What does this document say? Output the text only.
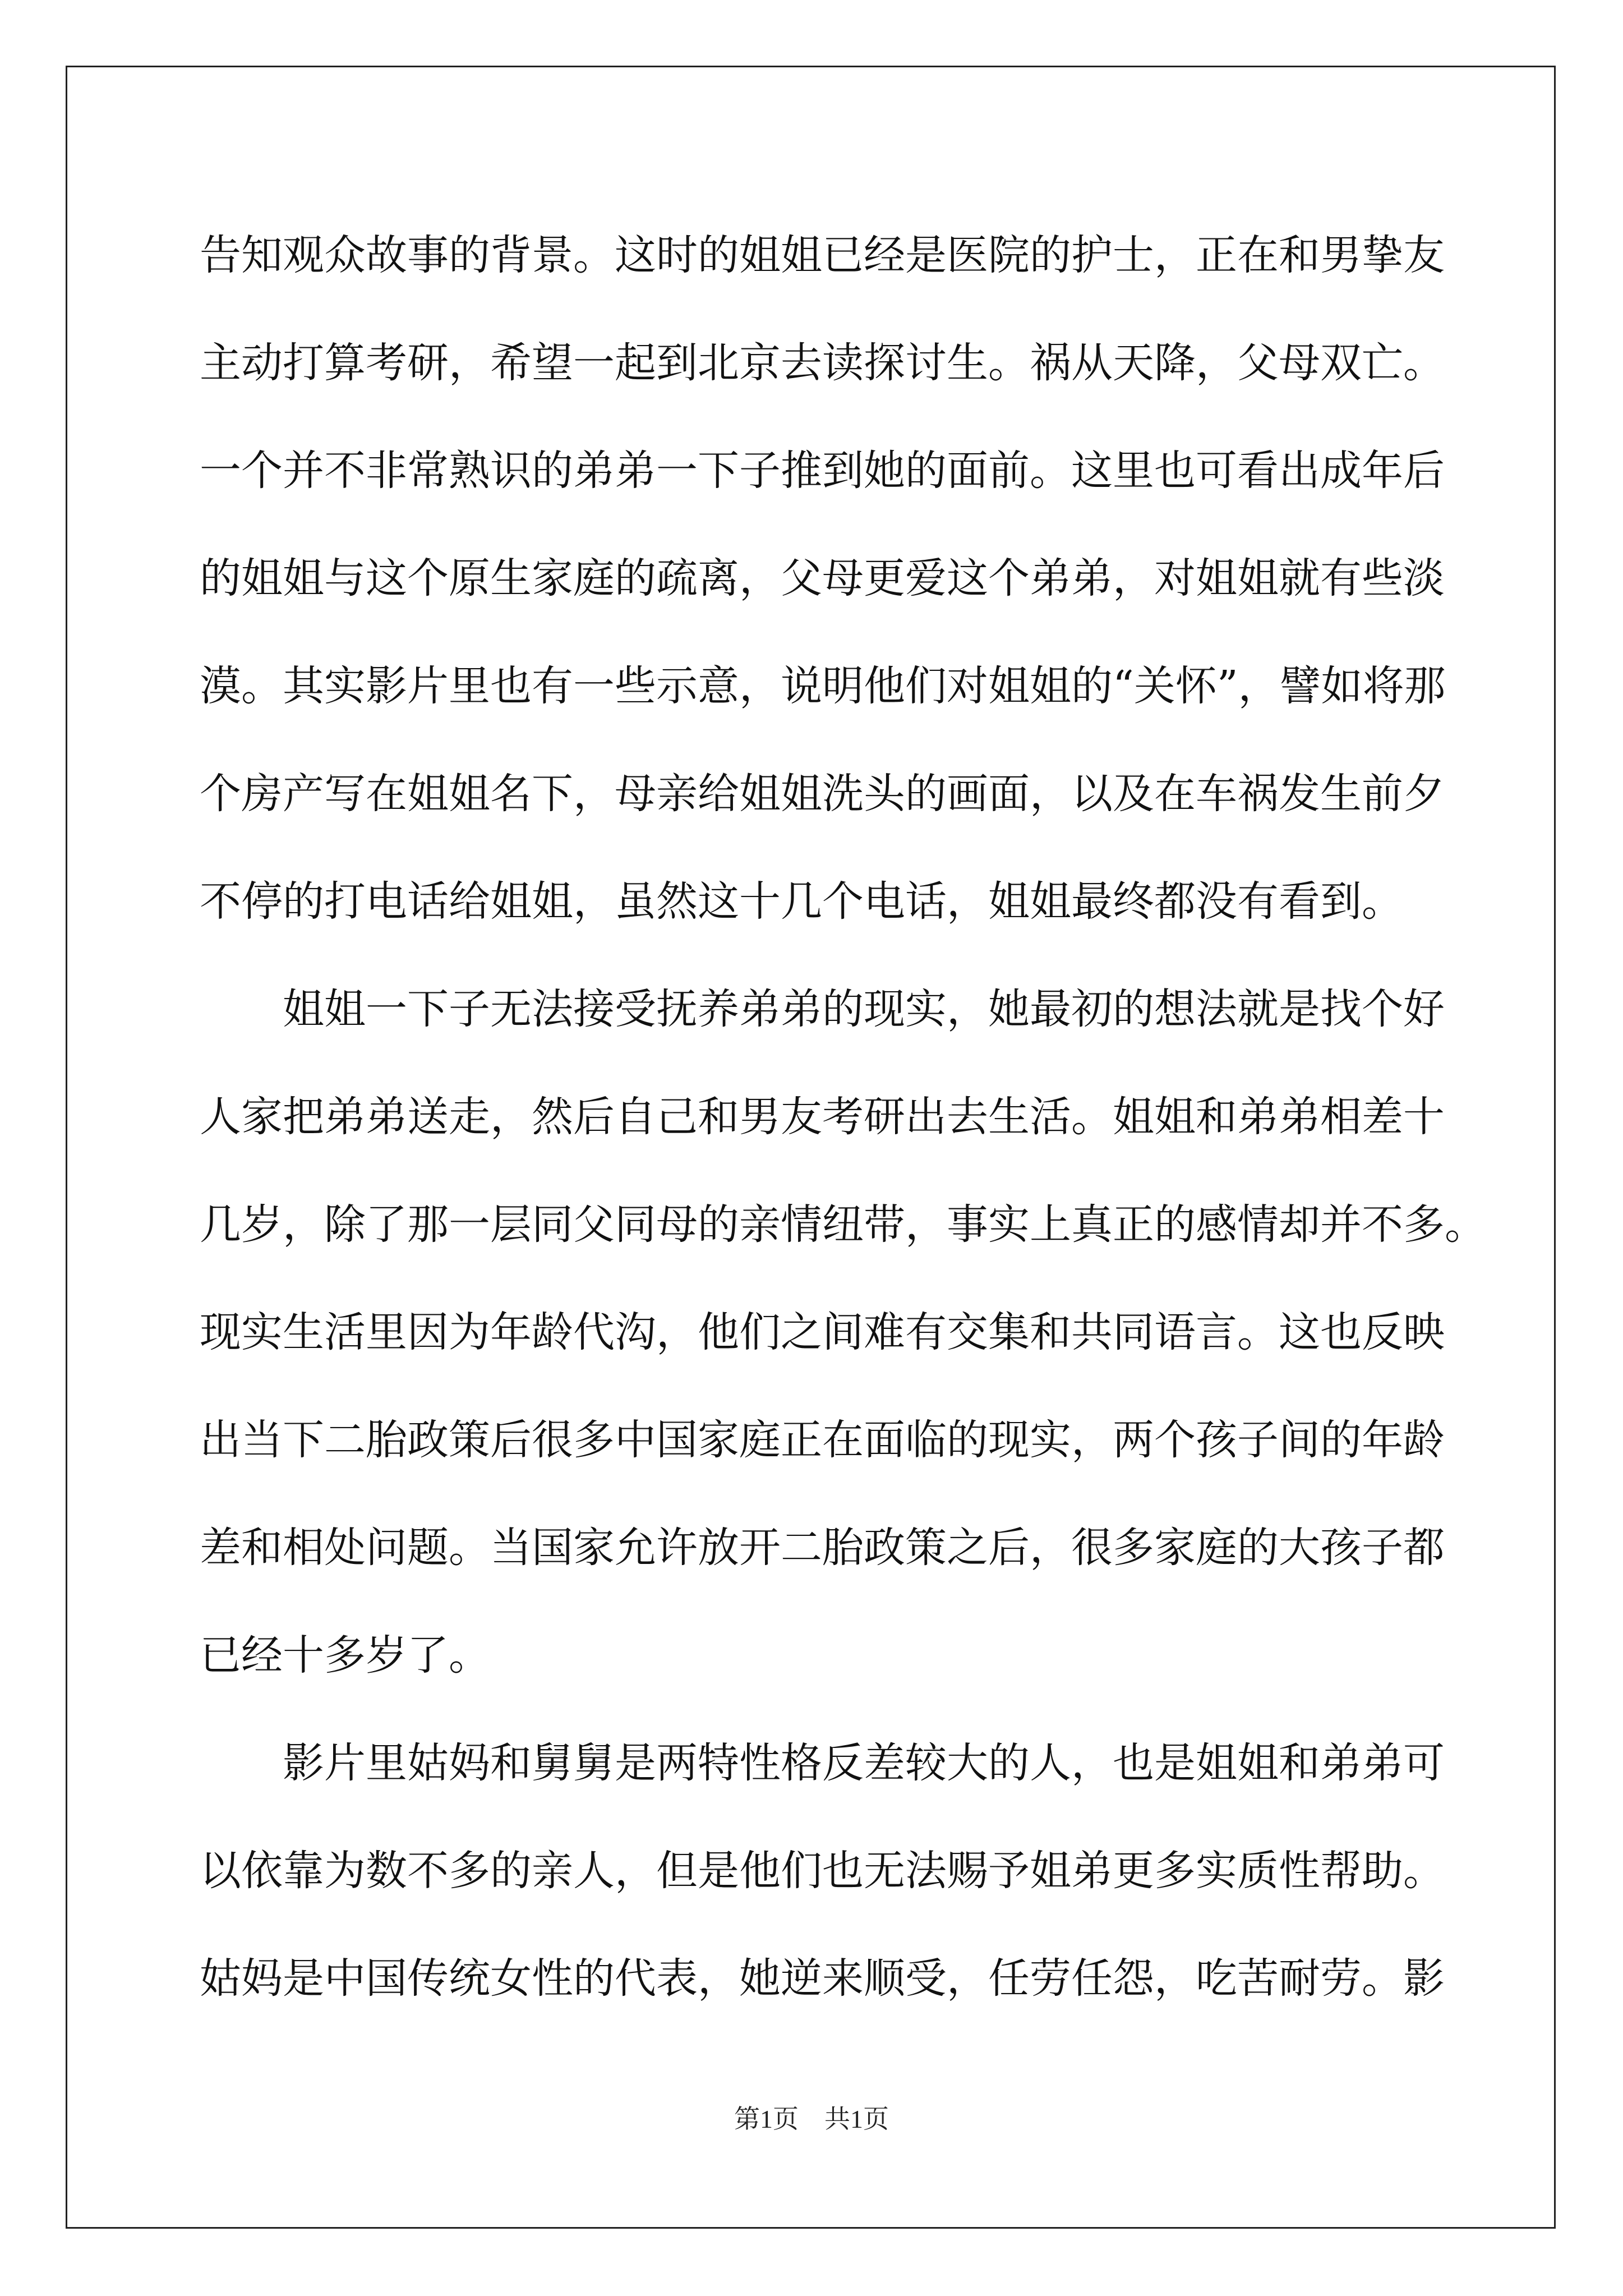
告知观众故事的背景。这时的姐姐已经是医院的护士，正在和男挚友
主动打算考研，希望一起到北京去读探讨生。祸从天降，父母双亡。
一个并不非常熟识的弟弟一下子推到她的面前。这里也可看出成年后
的姐姐与这个原生家庭的疏离，父母更爱这个弟弟，对姐姐就有些淡
漠。其实影片里也有一些示意，说明他们对姐姐的“关怀”，譬如将那
个房产写在姐姐名下，母亲给姐姐洗头的画面，以及在车祸发生前夕
不停的打电话给姐姐，虽然这十几个电话，姐姐最终都没有看到。
姐姐一下子无法接受抚养弟弟的现实，她最初的想法就是找个好
人家把弟弟送走，然后自己和男友考研出去生活。姐姐和弟弟相差十
几岁，除了那一层同父同母的亲情纽带，事实上真正的感情却并不多。
现实生活里因为年龄代沟，他们之间难有交集和共同语言。这也反映
出当下二胎政策后很多中国家庭正在面临的现实，两个孩子间的年龄
差和相处问题。当国家允许放开二胎政策之后，很多家庭的大孩子都
已经十多岁了。
影片里姑妈和舅舅是两特性格反差较大的人，也是姐姐和弟弟可
以依靠为数不多的亲人，但是他们也无法赐予姐弟更多实质性帮助。
姑妈是中国传统女性的代表，她逆来顺受，任劳任怨，吃苦耐劳。影
第1页　共1页
